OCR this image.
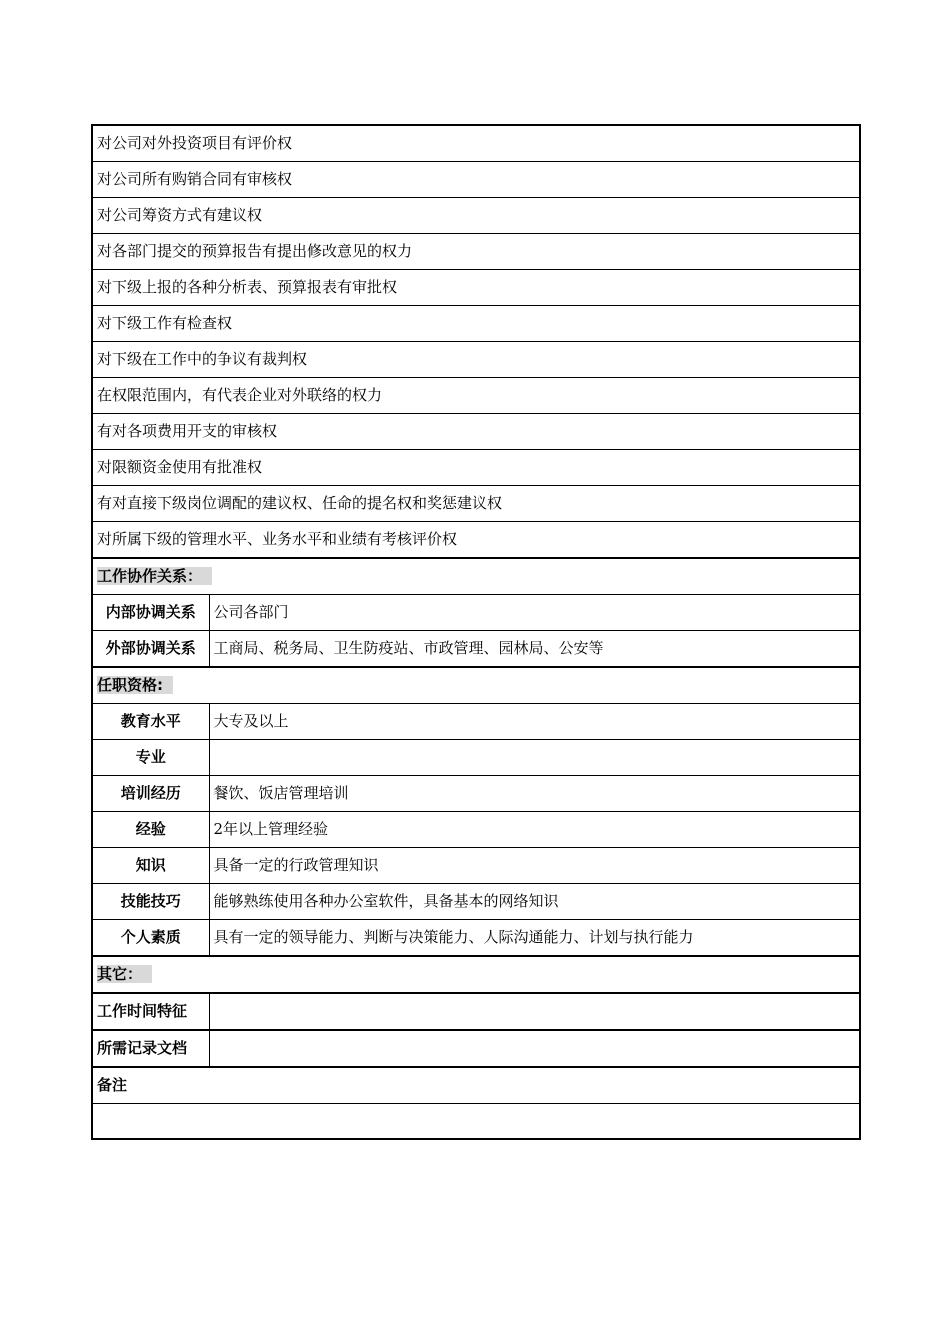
对公司对外投资项目有评价权	
对公司所有购销合同有审核权	
对公司筹资方式有建议权	
对各部门提交的预算报告有提出修改意见的权力	
对下级上报的各种分析表、预算报表有审批权	
对下级工作有检查权	
对下级在工作中的争议有裁判权	
在权限范围内，有代表企业对外联络的权力	
有对各项费用开支的审核权	
对限额资金使用有批准权	
有对直接下级岗位调配的建议权、任命的提名权和奖惩建议权	
对所属下级的管理水平、业务水平和业绩有考核评价权	
工作协作关系：	
内部协调关系	公司各部门
外部协调关系	工商局、税务局、卫生防疫站、市政管理、园林局、公安等
任职资格:	
教育水平	大专及以上
专业	
培训经历	餐饮、饭店管理培训
经验	2年以上管理经验
知识	具备一定的行政管理知识
技能技巧	能够熟练使用各种办公室软件，具备基本的网络知识
个人素质	具有一定的领导能力、判断与决策能力、人际沟通能力、计划与执行能力
其它：	
工作时间特征	
所需记录文档	
备注	
